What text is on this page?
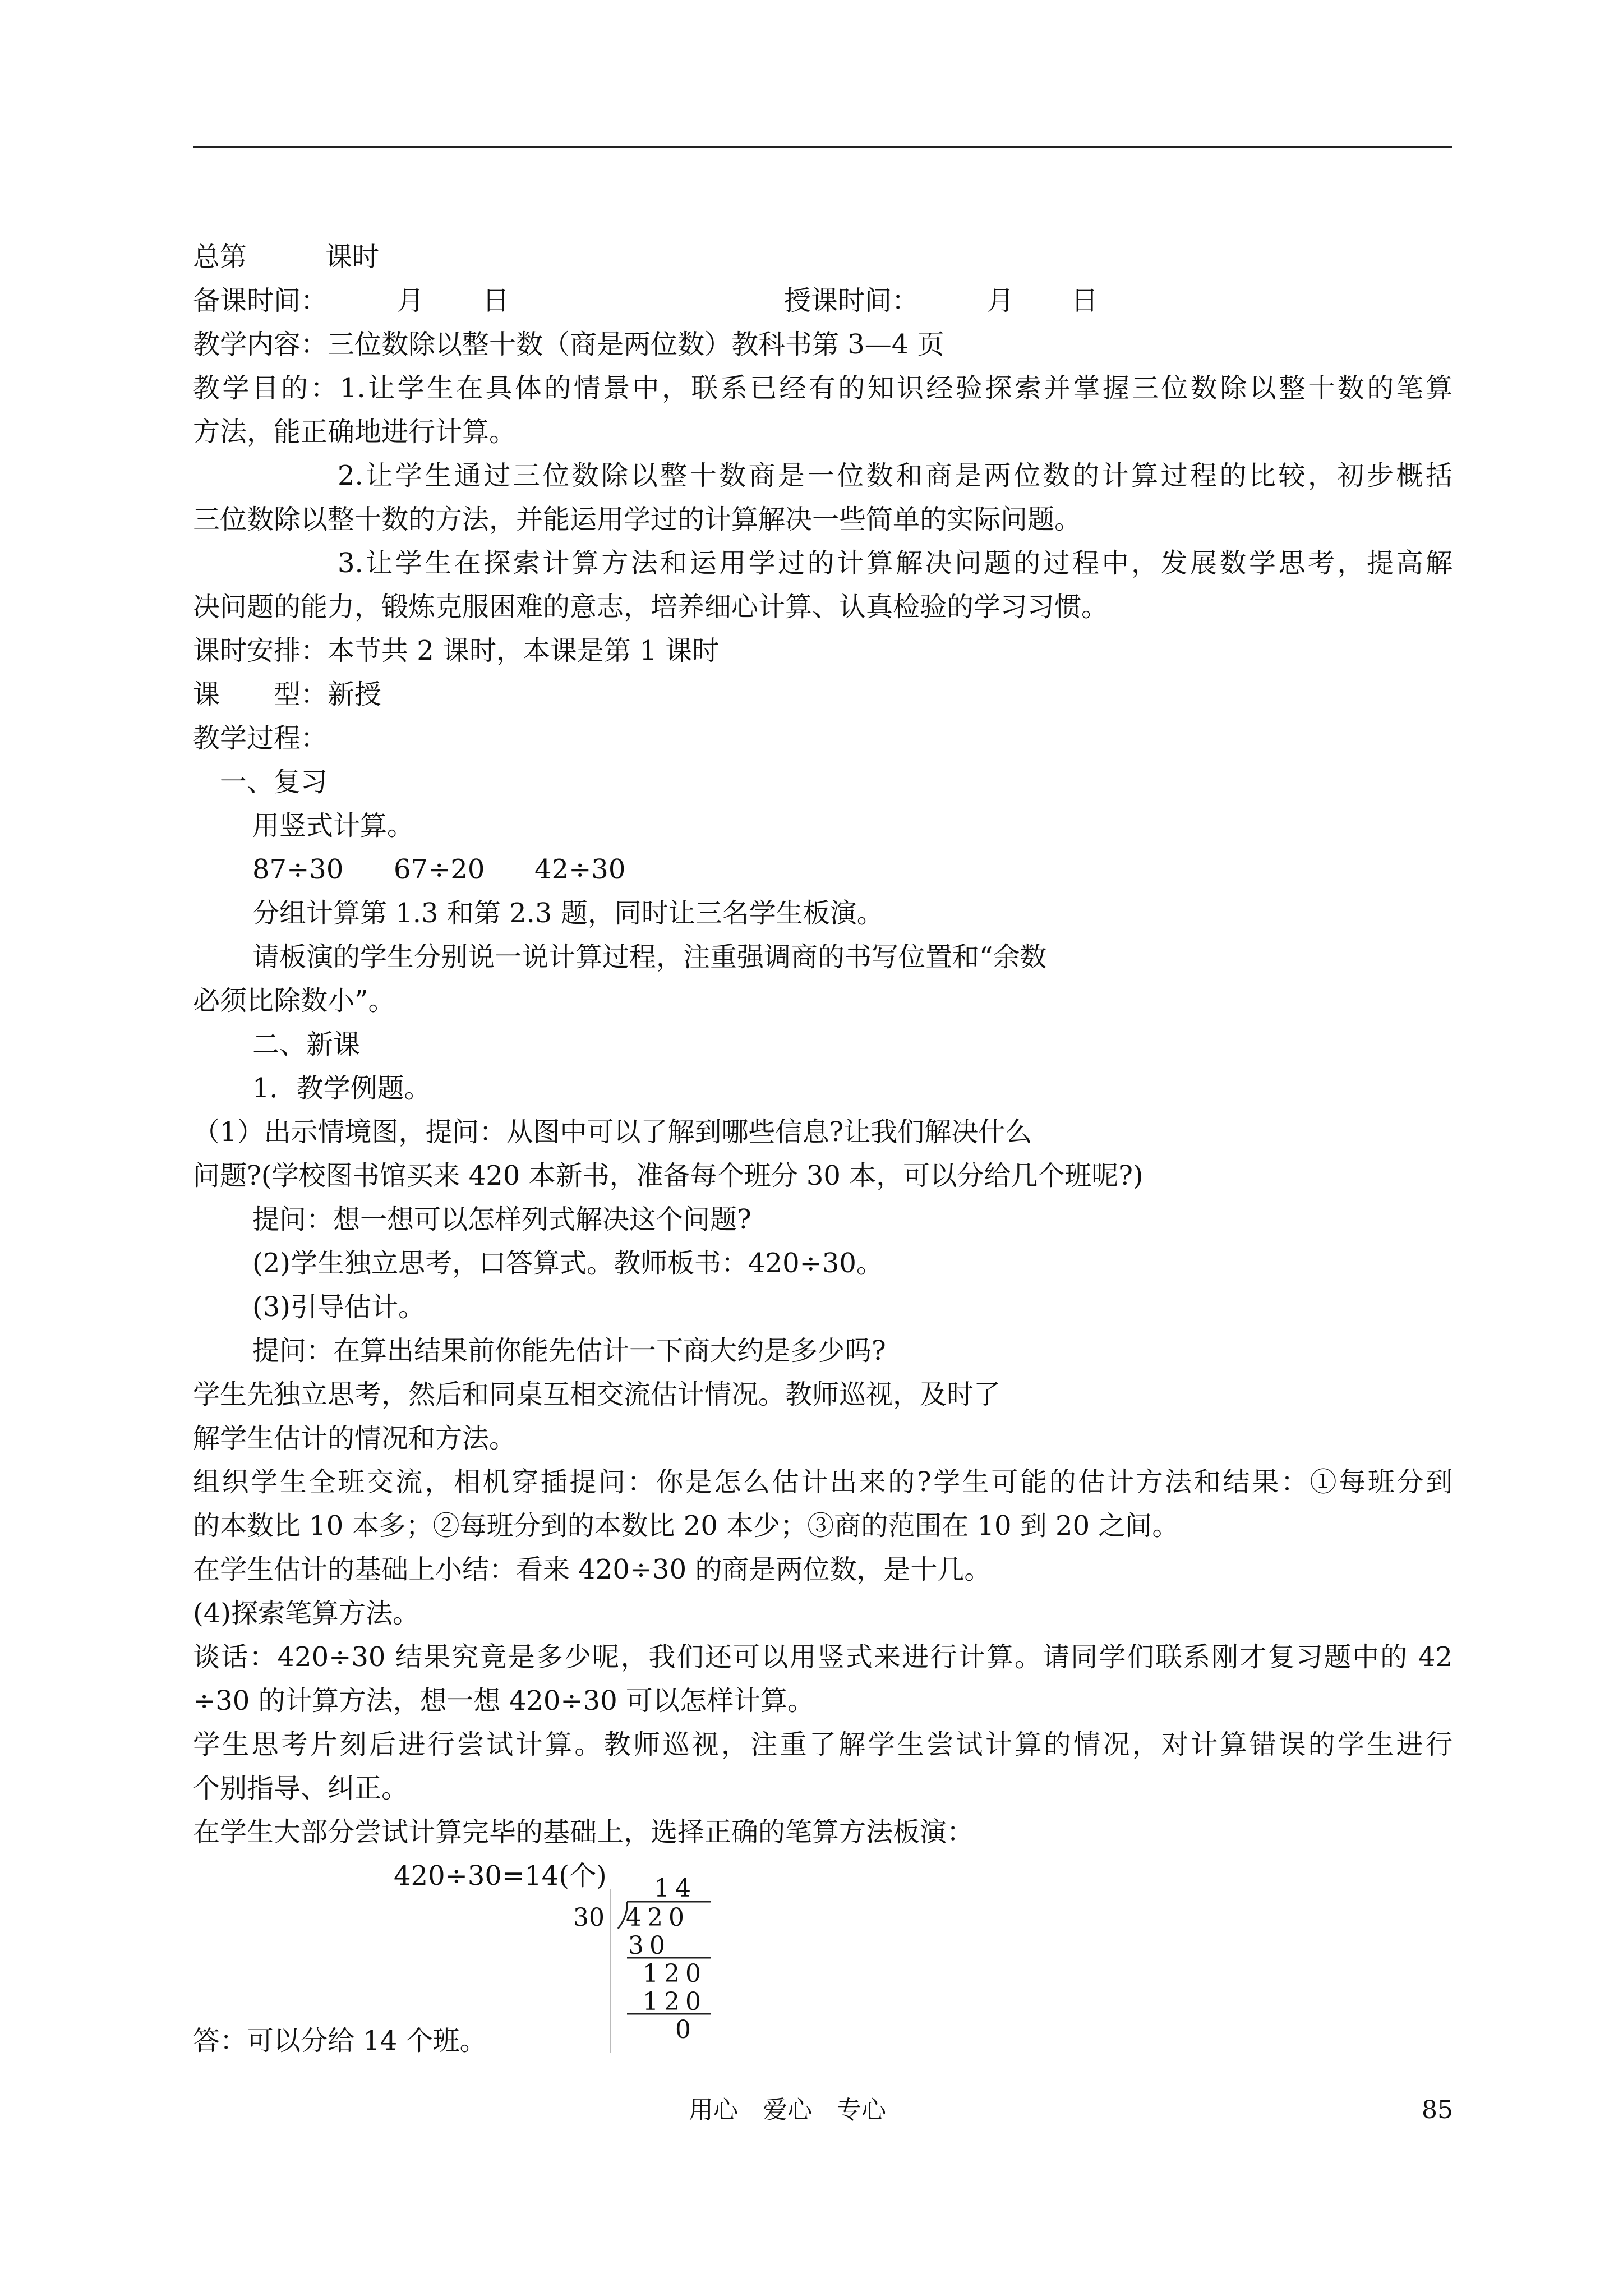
总第	课时
备课时间：	月 日	授课时间：	月 日
教学内容：三位数除以整十数（商是两位数）教科书第 3—4 页
教学目的：1.让学生在具体的情景中，联系已经有的知识经验探索并掌握三位数除以整十数的笔算
方法，能正确地进行计算。
2.让学生通过三位数除以整十数商是一位数和商是两位数的计算过程的比较，初步概括
三位数除以整十数的方法，并能运用学过的计算解决一些简单的实际问题。
3.让学生在探索计算方法和运用学过的计算解决问题的过程中，发展数学思考，提高解
决问题的能力，锻炼克服困难的意志，培养细心计算、认真检验的学习习惯。
课时安排：本节共 2 课时，本课是第 1 课时
课　　型：新授
教学过程：
一、复习
用竖式计算。
87÷30 67÷20 42÷30
分组计算第 1.3 和第 2.3 题，同时让三名学生板演。
请板演的学生分别说一说计算过程，注重强调商的书写位置和“余数
必须比除数小”。
二、新课
1．教学例题。
（1）出示情境图，提问：从图中可以了解到哪些信息?让我们解决什么
问题?(学校图书馆买来 420 本新书，准备每个班分 30 本，可以分给几个班呢?)
提问：想一想可以怎样列式解决这个问题?
(2)学生独立思考，口答算式。教师板书：420÷30。
(3)引导估计。
提问：在算出结果前你能先估计一下商大约是多少吗?
学生先独立思考，然后和同桌互相交流估计情况。教师巡视，及时了
解学生估计的情况和方法。
组织学生全班交流，相机穿插提问：你是怎么估计出来的?学生可能的估计方法和结果：①每班分到
的本数比 10 本多；②每班分到的本数比 20 本少；③商的范围在 10 到 20 之间。
在学生估计的基础上小结：看来 420÷30 的商是两位数，是十几。
(4)探索笔算方法。
谈话：420÷30 结果究竟是多少呢，我们还可以用竖式来进行计算。请同学们联系刚才复习题中的 42
÷30 的计算方法，想一想 420÷30 可以怎样计算。
学生思考片刻后进行尝试计算。教师巡视，注重了解学生尝试计算的情况，对计算错误的学生进行
个别指导、纠正。
在学生大部分尝试计算完毕的基础上，选择正确的笔算方法板演：
420÷30=14(个) 14
30 420
30
120
120
0
答：可以分给 14 个班。
用心　爱心　专心	85
